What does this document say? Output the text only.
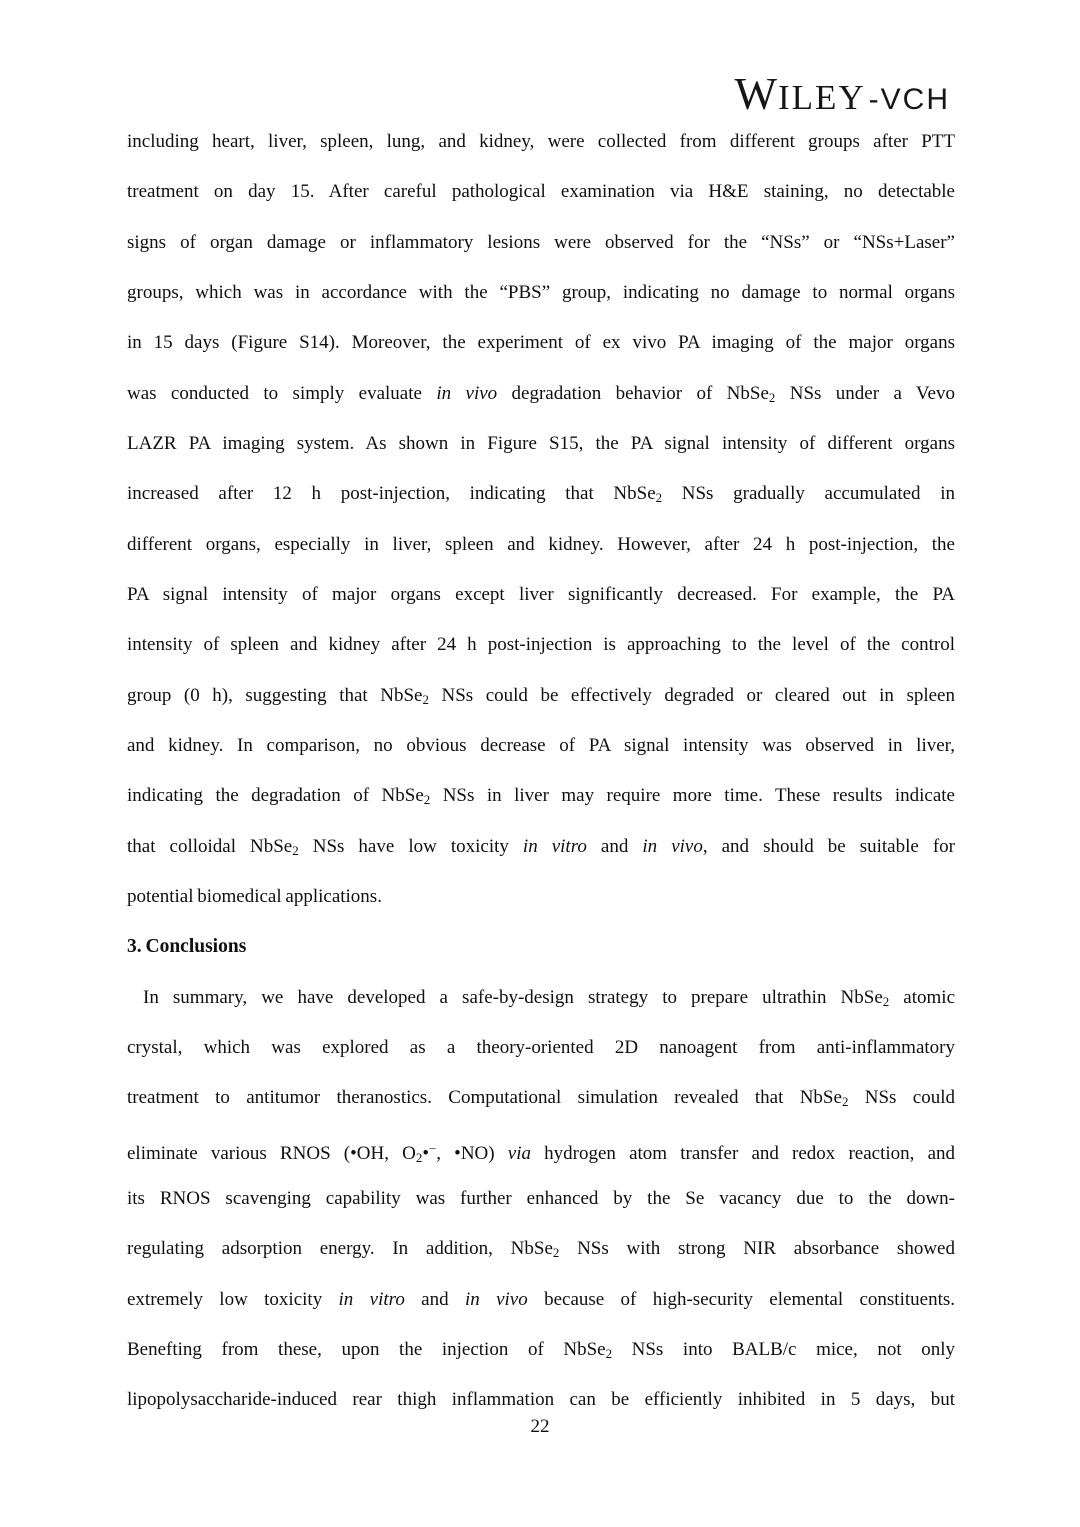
W ILEY - VCH
including heart, liver, spleen, lung, and kidney, were collected from different groups after PTT
treatment on day 15. After careful pathological examination via H&E staining, no detectable
signs of organ damage or inflammatory lesions were observed for the “NSs” or “NSs+Laser”
groups, which was in accordance with the “PBS” group, indicating no damage to normal organs
in 15 days (Figure S14). Moreover, the experiment of ex vivo PA imaging of the major organs
was conducted to simply evaluate in vivo degradation behavior of NbSe$_2$ NSs under a Vevo
LAZR PA imaging system. As shown in Figure S15, the PA signal intensity of different organs
increased after 12 h post-injection, indicating that NbSe$_2$ NSs gradually accumulated in
different organs, especially in liver, spleen and kidney. However, after 24 h post-injection, the
PA signal intensity of major organs except liver significantly decreased. For example, the PA
intensity of spleen and kidney after 24 h post-injection is approaching to the level of the control
group (0 h), suggesting that NbSe$_2$ NSs could be effectively degraded or cleared out in spleen
and kidney. In comparison, no obvious decrease of PA signal intensity was observed in liver,
indicating the degradation of NbSe$_2$ NSs in liver may require more time. These results indicate
that colloidal NbSe$_2$ NSs have low toxicity in vitro and in vivo, and should be suitable for
potential biomedical applications.
3. Conclusions
In summary, we have developed a safe-by-design strategy to prepare ultrathin NbSe$_2$ atomic
crystal, which was explored as a theory-oriented 2D nanoagent from anti-inflammatory
treatment to antitumor theranostics. Computational simulation revealed that NbSe$_2$ NSs could
eliminate various RNOS (•OH, $O_2•^-$, •NO) via hydrogen atom transfer and redox reaction, and
its RNOS scavenging capability was further enhanced by the Se vacancy due to the down-
regulating adsorption energy. In addition, NbSe$_2$ NSs with strong NIR absorbance showed
extremely low toxicity in vitro and in vivo because of high-security elemental constituents.
Benefting from these, upon the injection of NbSe$_2$ NSs into BALB/c mice, not only
lipopolysaccharide-induced rear thigh inflammation can be efficiently inhibited in 5 days, but
22
